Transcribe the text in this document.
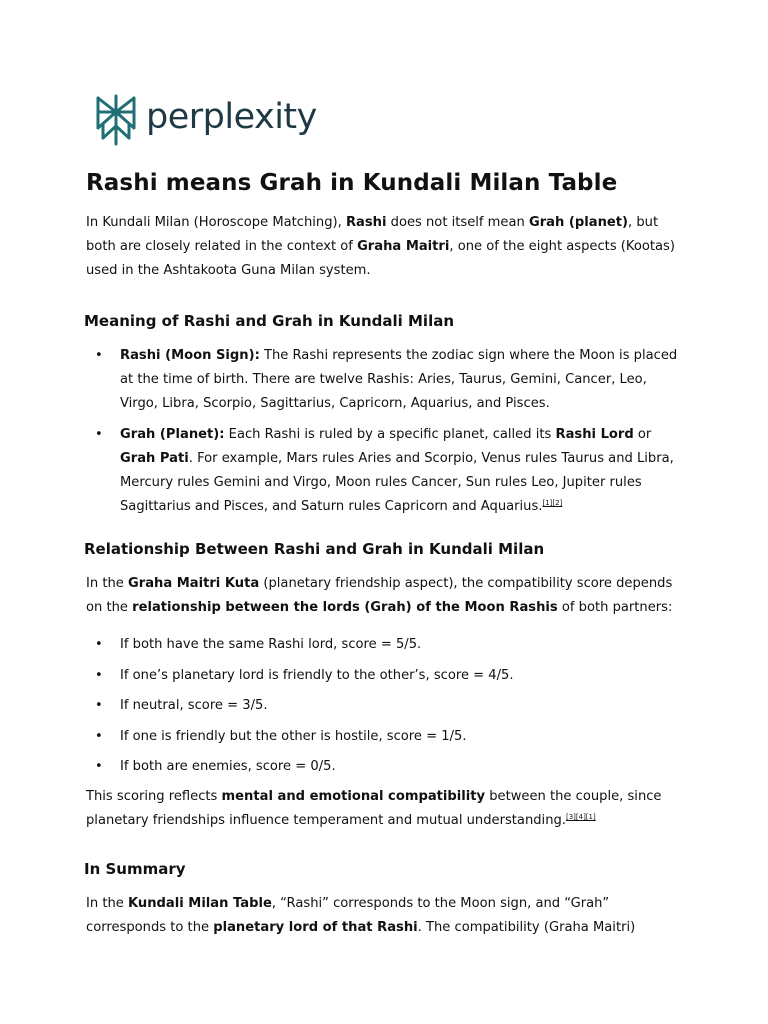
perplexity
Rashi means Grah in Kundali Milan Table

In Kundali Milan (Horoscope Matching), Rashi does not itself mean Grah (planet), but both are closely related in the context of Graha Maitri, one of the eight aspects (Kootas) used in the Ashtakoota Guna Milan system.

Meaning of Rashi and Grah in Kundali Milan
• Rashi (Moon Sign): The Rashi represents the zodiac sign where the Moon is placed at the time of birth. There are twelve Rashis: Aries, Taurus, Gemini, Cancer, Leo, Virgo, Libra, Scorpio, Sagittarius, Capricorn, Aquarius, and Pisces.
• Grah (Planet): Each Rashi is ruled by a specific planet, called its Rashi Lord or Grah Pati. For example, Mars rules Aries and Scorpio, Venus rules Taurus and Libra, Mercury rules Gemini and Virgo, Moon rules Cancer, Sun rules Leo, Jupiter rules Sagittarius and Pisces, and Saturn rules Capricorn and Aquarius.[1][2]
Relationship Between Rashi and Grah in Kundali Milan

In the Graha Maitri Kuta (planetary friendship aspect), the compatibility score depends on the relationship between the lords (Grah) of the Moon Rashis of both partners:

• If both have the same Rashi lord, score = 5/5.
• If one’s planetary lord is friendly to the other’s, score = 4/5.
• If neutral, score = 3/5.
• If one is friendly but the other is hostile, score = 1/5.
• If both are enemies, score = 0/5.

This scoring reflects mental and emotional compatibility between the couple, since planetary friendships influence temperament and mutual understanding.[3][4][1]

In Summary

In the Kundali Milan Table, “Rashi” corresponds to the Moon sign, and “Grah” corresponds to the planetary lord of that Rashi. The compatibility (Graha Maitri)
